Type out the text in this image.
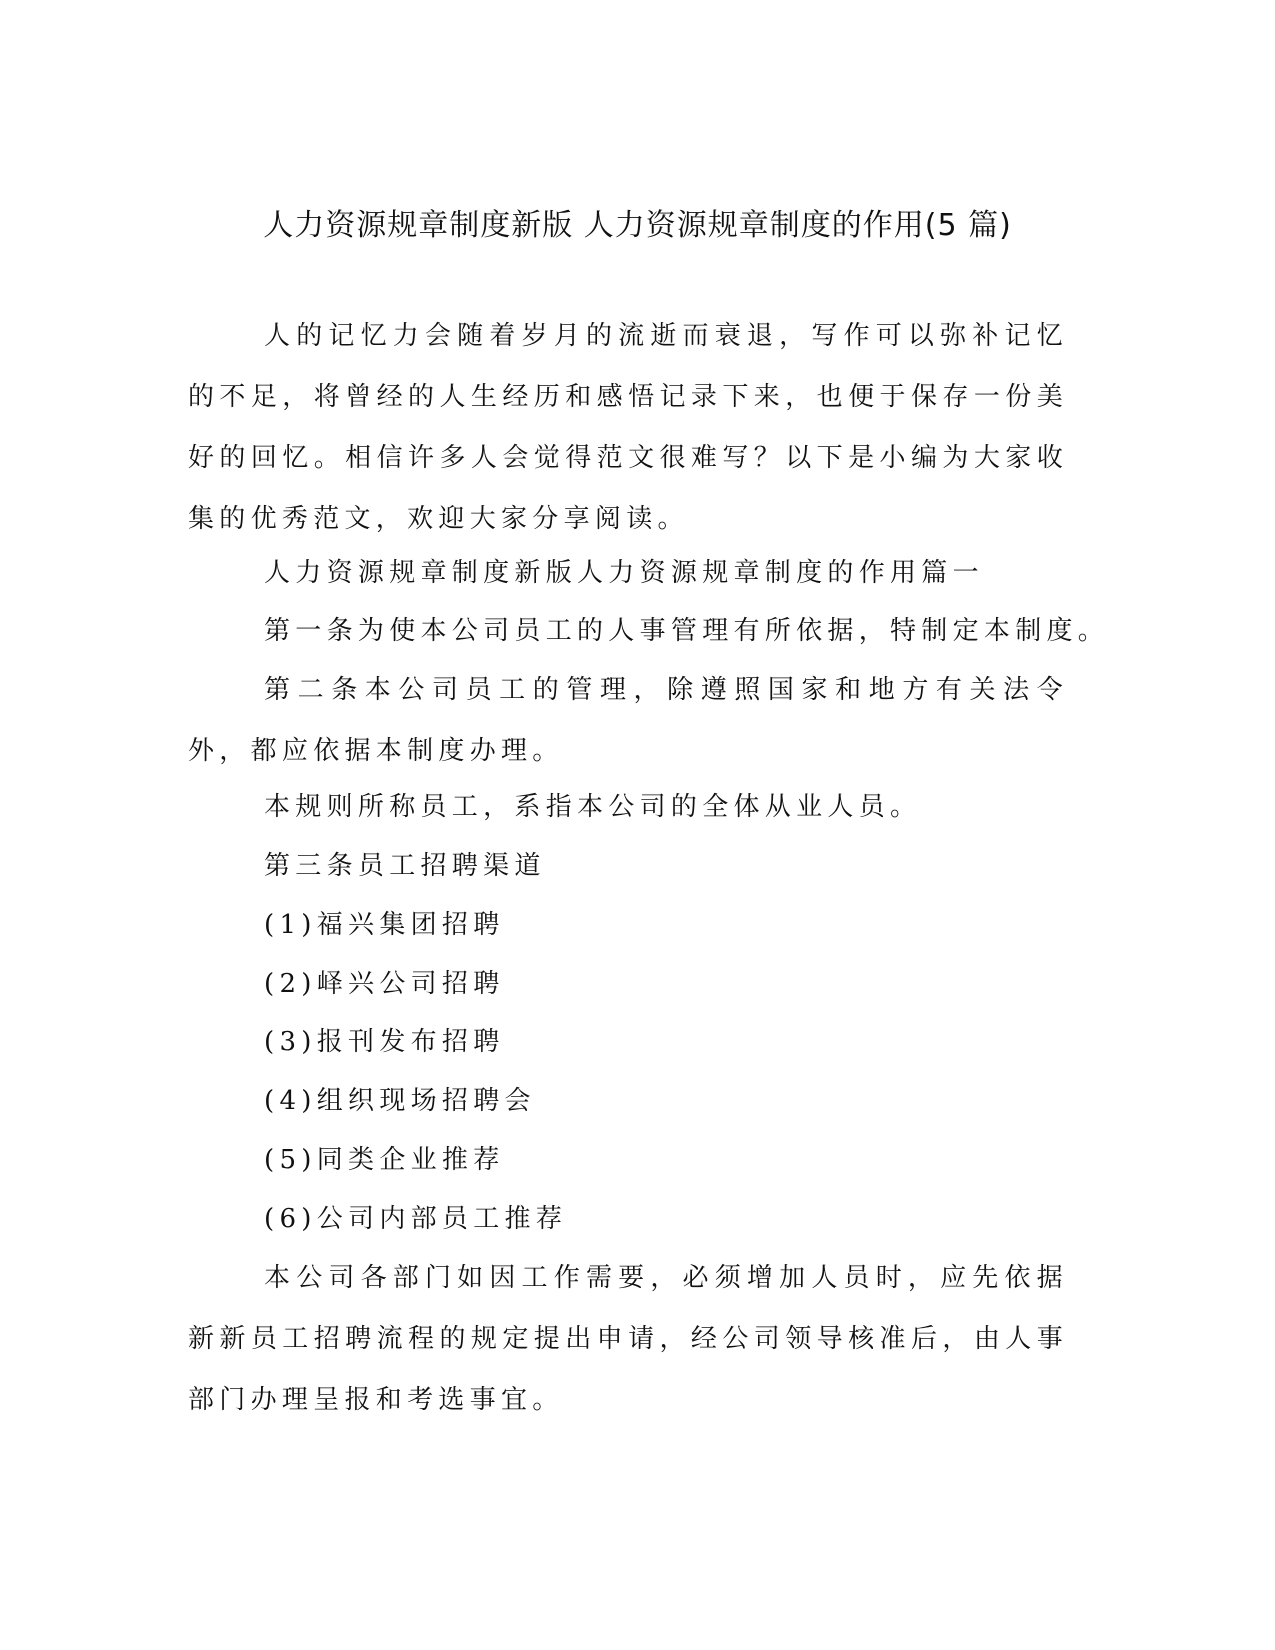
人力资源规章制度新版 人力资源规章制度的作用(5 篇)

人的记忆力会随着岁月的流逝而衰退，写作可以弥补记忆的不足，将曾经的人生经历和感悟记录下来，也便于保存一份美好的回忆。相信许多人会觉得范文很难写？以下是小编为大家收集的优秀范文，欢迎大家分享阅读。

人力资源规章制度新版人力资源规章制度的作用篇一

第一条为使本公司员工的人事管理有所依据，特制定本制度。

第二条本公司员工的管理，除遵照国家和地方有关法令外，都应依据本制度办理。

本规则所称员工，系指本公司的全体从业人员。

第三条员工招聘渠道

(1)福兴集团招聘

(2)峄兴公司招聘

(3)报刊发布招聘

(4)组织现场招聘会

(5)同类企业推荐

(6)公司内部员工推荐

本公司各部门如因工作需要，必须增加人员时，应先依据新新员工招聘流程的规定提出申请，经公司领导核准后，由人事部门办理呈报和考选事宜。
